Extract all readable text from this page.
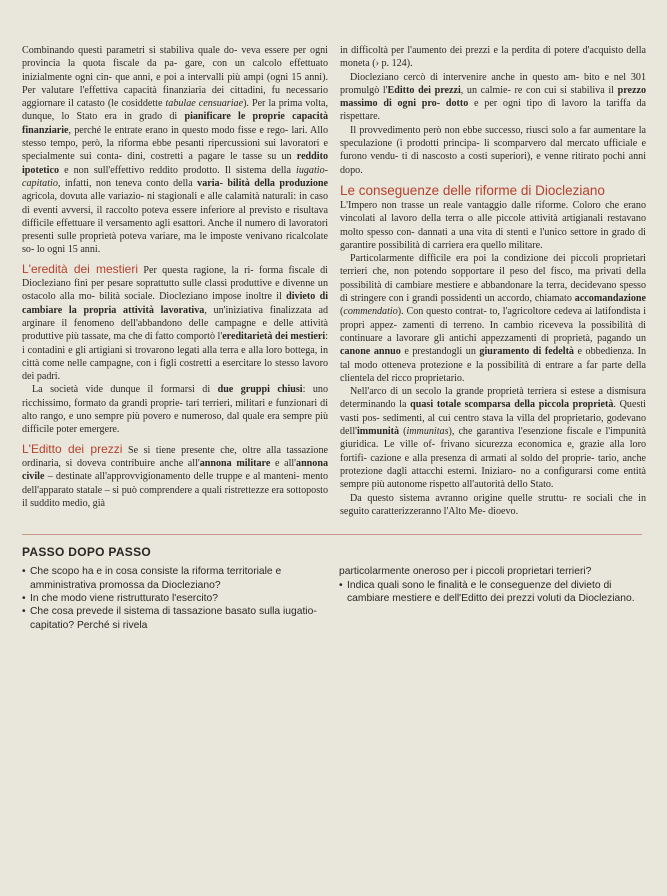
Combinando questi parametri si stabiliva quale do- veva essere per ogni provincia la quota fiscale da pa- gare, con un calcolo effettuato inizialmente ogni cin- que anni, e poi a intervalli più ampi (ogni 15 anni). Per valutare l'effettiva capacità finanziaria dei cittadini, fu necessario aggiornare il catasto (le cosiddette tabulae censuariae). Per la prima volta, dunque, lo Stato era in grado di pianificare le proprie capacità finanziarie, perché le entrate erano in questo modo fisse e rego- lari. Allo stesso tempo, però, la riforma ebbe pesanti ripercussioni sui lavoratori e specialmente sui conta- dini, costretti a pagare le tasse su un reddito ipotetico e non sull'effettivo reddito prodotto. Il sistema della iugatio-capitatio, infatti, non teneva conto della varia- bilità della produzione agricola, dovuta alle variazio- ni stagionali e alle calamità naturali: in caso di eventi avversi, il raccolto poteva essere inferiore al previsto e risultava difficile effettuare il versamento agli esattori. Anche il numero di lavoratori presenti sulle proprietà poteva variare, ma le imposte venivano ricalcolate so- lo ogni 15 anni.

L'eredità dei mestieri Per questa ragione, la ri- forma fiscale di Diocleziano finì per pesare soprattutto sulle classi produttive e divenne un ostacolo alla mo- bilità sociale. Diocleziano impose inoltre il divieto di cambiare la propria attività lavorativa, un'iniziativa finalizzata ad arginare il fenomeno dell'abbandono delle campagne e delle attività produttive più tassate, ma che di fatto comportò l'ereditarietà dei mestieri: i contadini e gli artigiani si trovarono legati alla terra e alla loro bottega, in città come nelle campagne, con i figli costretti a esercitare lo stesso lavoro dei padri.

La società vide dunque il formarsi di due gruppi chiusi: uno ricchissimo, formato da grandi proprie- tari terrieri, militari e funzionari di alto rango, e uno sempre più povero e numeroso, dal quale era sempre più difficile poter emergere.

L'Editto dei prezzi Se si tiene presente che, oltre alla tassazione ordinaria, si doveva contribuire anche all'annona militare e all'annona civile – destinate all'approvvigionamento delle truppe e al manteni- mento dell'apparato statale – si può comprendere a quali ristrettezze era sottoposto il suddito medio, già

in difficoltà per l'aumento dei prezzi e la perdita di potere d'acquisto della moneta (› p. 124).

Diocleziano cercò di intervenire anche in questo am- bito e nel 301 promulgò l'Editto dei prezzi, un calmie- re con cui si stabiliva il prezzo massimo di ogni pro- dotto e per ogni tipo di lavoro la tariffa da rispettare.

Il provvedimento però non ebbe successo, riuscì solo a far aumentare la speculazione (i prodotti principa- li scomparvero dal mercato ufficiale e furono vendu- ti di nascosto a costi superiori), e venne ritirato pochi anni dopo.

Le conseguenze delle riforme di Diocleziano

L'Impero non trasse un reale vantaggio dalle riforme. Coloro che erano vincolati al lavoro della terra o alle piccole attività artigianali restavano molto spesso con- dannati a una vita di stenti e l'unico settore in grado di garantire possibilità di carriera era quello militare.

Particolarmente difficile era poi la condizione dei piccoli proprietari terrieri che, non potendo sopportare il peso del fisco, ma privati della possibilità di cambiare mestiere e abbandonare la terra, decidevano spesso di stringere con i grandi possidenti un accordo, chiamato accomandazione (commendatio). Con questo contrat- to, l'agricoltore cedeva ai latifondista i propri appez- zamenti di terreno. In cambio riceveva la possibilità di continuare a lavorare gli antichi appezzamenti di proprietà, pagando un canone annuo e prestandogli un giuramento di fedeltà e obbedienza. In tal modo otteneva protezione e la possibilità di entrare a far parte della clientela del ricco proprietario.

Nell'arco di un secolo la grande proprietà terriera si estese a dismisura determinando la quasi totale scomparsa della piccola proprietà. Questi vasti pos- sedimenti, al cui centro stava la villa del proprietario, godevano dell'immunità (immunitas), che garantiva l'esenzione fiscale e l'impunità giuridica. Le ville of- frivano sicurezza economica e, grazie alla loro fortifi- cazione e alla presenza di armati al soldo del proprie- tario, anche protezione dagli attacchi esterni. Iniziaro- no a configurarsi come entità sempre più autonome rispetto all'autorità dello Stato.

Da questo sistema avranno origine quelle struttu- re sociali che in seguito caratterizzeranno l'Alto Me- dioevo.

PASSO DOPO PASSO
• Che scopo ha e in cosa consiste la riforma territoriale e amministrativa promossa da Diocleziano?
• In che modo viene ristrutturato l'esercito?
• Che cosa prevede il sistema di tassazione basato sulla iugatio-capitatio? Perché si rivela
particolarmente oneroso per i piccoli proprietari terrieri?
• Indica quali sono le finalità e le conseguenze del divieto di cambiare mestiere e dell'Editto dei prezzi voluti da Diocleziano.
